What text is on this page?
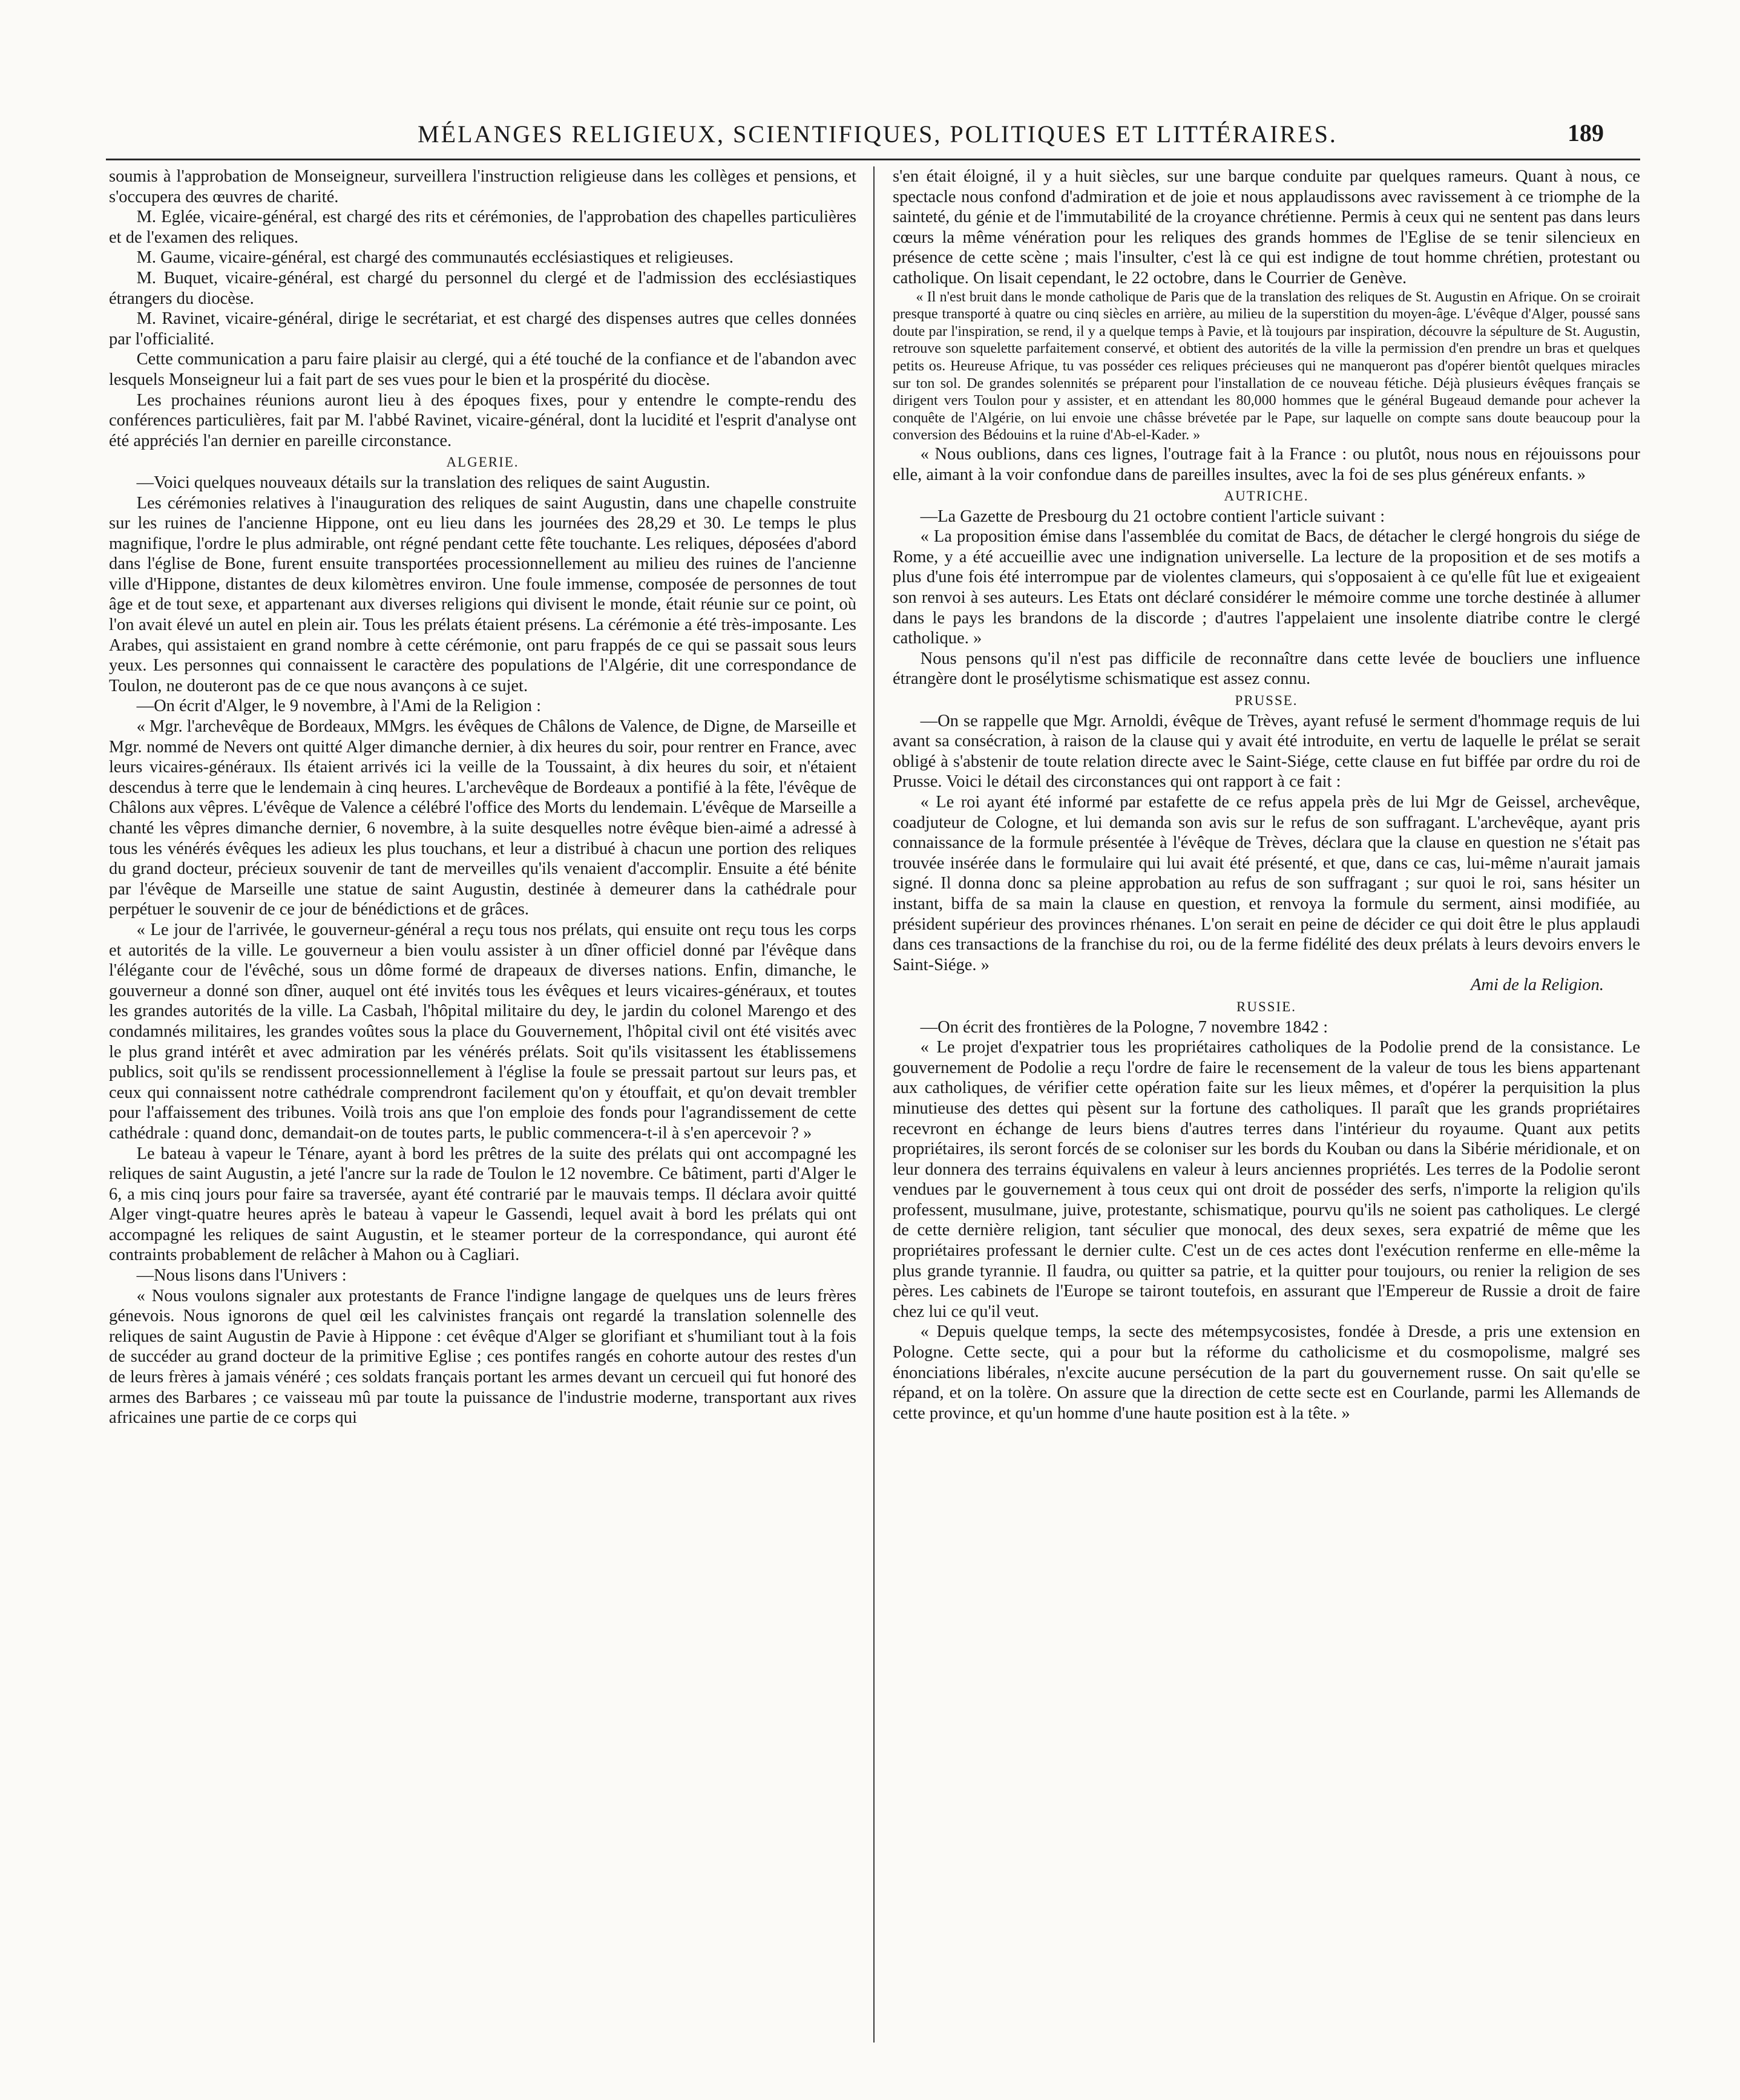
MÉLANGES RELIGIEUX, SCIENTIFIQUES, POLITIQUES ET LITTÉRAIRES.	189

soumis à l'approbation de Monseigneur, surveillera l'instruction religieuse dans les collèges et pensions, et s'occupera des œuvres de charité.

M. Eglée, vicaire-général, est chargé des rits et cérémonies, de l'approbation des chapelles particulières et de l'examen des reliques.

M. Gaume, vicaire-général, est chargé des communautés ecclésiastiques et religieuses.

M. Buquet, vicaire-général, est chargé du personnel du clergé et de l'admission des ecclésiastiques étrangers du diocèse.

M. Ravinet, vicaire-général, dirige le secrétariat, et est chargé des dispenses autres que celles données par l'officialité.

Cette communication a paru faire plaisir au clergé, qui a été touché de la confiance et de l'abandon avec lesquels Monseigneur lui a fait part de ses vues pour le bien et la prospérité du diocèse.

Les prochaines réunions auront lieu à des époques fixes, pour y entendre le compte-rendu des conférences particulières, fait par M. l'abbé Ravinet, vicaire-général, dont la lucidité et l'esprit d'analyse ont été appréciés l'an dernier en pareille circonstance.

ALGERIE.

—Voici quelques nouveaux détails sur la translation des reliques de saint Augustin.

Les cérémonies relatives à l'inauguration des reliques de saint Augustin, dans une chapelle construite sur les ruines de l'ancienne Hippone, ont eu lieu dans les journées des 28,29 et 30. Le temps le plus magnifique, l'ordre le plus admirable, ont régné pendant cette fête touchante. Les reliques, déposées d'abord dans l'église de Bone, furent ensuite transportées processionnellement au milieu des ruines de l'ancienne ville d'Hippone, distantes de deux kilomètres environ. Une foule immense, composée de personnes de tout âge et de tout sexe, et appartenant aux diverses religions qui divisent le monde, était réunie sur ce point, où l'on avait élevé un autel en plein air. Tous les prélats étaient présens. La cérémonie a été très-imposante. Les Arabes, qui assistaient en grand nombre à cette cérémonie, ont paru frappés de ce qui se passait sous leurs yeux. Les personnes qui connaissent le caractère des populations de l'Algérie, dit une correspondance de Toulon, ne douteront pas de ce que nous avançons à ce sujet.

—On écrit d'Alger, le 9 novembre, à l'Ami de la Religion :

« Mgr. l'archevêque de Bordeaux, MMgrs. les évêques de Châlons de Valence, de Digne, de Marseille et Mgr. nommé de Nevers ont quitté Alger dimanche dernier, à dix heures du soir, pour rentrer en France, avec leurs vicaires-généraux. Ils étaient arrivés ici la veille de la Toussaint, à dix heures du soir, et n'étaient descendus à terre que le lendemain à cinq heures. L'archevêque de Bordeaux a pontifié à la fête, l'évêque de Châlons aux vêpres. L'évêque de Valence a célébré l'office des Morts du lendemain. L'évêque de Marseille a chanté les vêpres dimanche dernier, 6 novembre, à la suite desquelles notre évêque bien-aimé a adressé à tous les vénérés évêques les adieux les plus touchans, et leur a distribué à chacun une portion des reliques du grand docteur, précieux souvenir de tant de merveilles qu'ils venaient d'accomplir. Ensuite a été bénite par l'évêque de Marseille une statue de saint Augustin, destinée à demeurer dans la cathédrale pour perpétuer le souvenir de ce jour de bénédictions et de grâces.

« Le jour de l'arrivée, le gouverneur-général a reçu tous nos prélats, qui ensuite ont reçu tous les corps et autorités de la ville. Le gouverneur a bien voulu assister à un dîner officiel donné par l'évêque dans l'élégante cour de l'évêché, sous un dôme formé de drapeaux de diverses nations. Enfin, dimanche, le gouverneur a donné son dîner, auquel ont été invités tous les évêques et leurs vicaires-généraux, et toutes les grandes autorités de la ville. La Casbah, l'hôpital militaire du dey, le jardin du colonel Marengo et des condamnés militaires, les grandes voûtes sous la place du Gouvernement, l'hôpital civil ont été visités avec le plus grand intérêt et avec admiration par les vénérés prélats. Soit qu'ils visitassent les établissemens publics, soit qu'ils se rendissent processionnellement à l'église la foule se pressait partout sur leurs pas, et ceux qui connaissent notre cathédrale comprendront facilement qu'on y étouffait, et qu'on devait trembler pour l'affaissement des tribunes. Voilà trois ans que l'on emploie des fonds pour l'agrandissement de cette cathédrale : quand donc, demandait-on de toutes parts, le public commencera-t-il à s'en apercevoir ? »

Le bateau à vapeur le Ténare, ayant à bord les prêtres de la suite des prélats qui ont accompagné les reliques de saint Augustin, a jeté l'ancre sur la rade de Toulon le 12 novembre. Ce bâtiment, parti d'Alger le 6, a mis cinq jours pour faire sa traversée, ayant été contrarié par le mauvais temps. Il déclara avoir quitté Alger vingt-quatre heures après le bateau à vapeur le Gassendi, lequel avait à bord les prélats qui ont accompagné les reliques de saint Augustin, et le steamer porteur de la correspondance, qui auront été contraints probablement de relâcher à Mahon ou à Cagliari.

—Nous lisons dans l'Univers :

« Nous voulons signaler aux protestants de France l'indigne langage de quelques uns de leurs frères génevois. Nous ignorons de quel œil les calvinistes français ont regardé la translation solennelle des reliques de saint Augustin de Pavie à Hippone : cet évêque d'Alger se glorifiant et s'humiliant tout à la fois de succéder au grand docteur de la primitive Eglise ; ces pontifes rangés en cohorte autour des restes d'un de leurs frères à jamais vénéré ; ces soldats français portant les armes devant un cercueil qui fut honoré des armes des Barbares ; ce vaisseau mû par toute la puissance de l'industrie moderne, transportant aux rives africaines une partie de ce corps qui

s'en était éloigné, il y a huit siècles, sur une barque conduite par quelques rameurs. Quant à nous, ce spectacle nous confond d'admiration et de joie et nous applaudissons avec ravissement à ce triomphe de la sainteté, du génie et de l'immutabilité de la croyance chrétienne. Permis à ceux qui ne sentent pas dans leurs cœurs la même vénération pour les reliques des grands hommes de l'Eglise de se tenir silencieux en présence de cette scène ; mais l'insulter, c'est là ce qui est indigne de tout homme chrétien, protestant ou catholique. On lisait cependant, le 22 octobre, dans le Courrier de Genève.

« Il n'est bruit dans le monde catholique de Paris que de la translation des reliques de St. Augustin en Afrique. On se croirait presque transporté à quatre ou cinq siècles en arrière, au milieu de la superstition du moyen-âge. L'évêque d'Alger, poussé sans doute par l'inspiration, se rend, il y a quelque temps à Pavie, et là toujours par inspiration, découvre la sépulture de St. Augustin, retrouve son squelette parfaitement conservé, et obtient des autorités de la ville la permission d'en prendre un bras et quelques petits os. Heureuse Afrique, tu vas posséder ces reliques précieuses qui ne manqueront pas d'opérer bientôt quelques miracles sur ton sol. De grandes solennités se préparent pour l'installation de ce nouveau fétiche. Déjà plusieurs évêques français se dirigent vers Toulon pour y assister, et en attendant les 80,000 hommes que le général Bugeaud demande pour achever la conquête de l'Algérie, on lui envoie une châsse brévetée par le Pape, sur laquelle on compte sans doute beaucoup pour la conversion des Bédouins et la ruine d'Ab-el-Kader. »

« Nous oublions, dans ces lignes, l'outrage fait à la France : ou plutôt, nous nous en réjouissons pour elle, aimant à la voir confondue dans de pareilles insultes, avec la foi de ses plus généreux enfants. »

AUTRICHE.

—La Gazette de Presbourg du 21 octobre contient l'article suivant :

« La proposition émise dans l'assemblée du comitat de Bacs, de détacher le clergé hongrois du siége de Rome, y a été accueillie avec une indignation universelle. La lecture de la proposition et de ses motifs a plus d'une fois été interrompue par de violentes clameurs, qui s'opposaient à ce qu'elle fût lue et exigeaient son renvoi à ses auteurs. Les Etats ont déclaré considérer le mémoire comme une torche destinée à allumer dans le pays les brandons de la discorde ; d'autres l'appelaient une insolente diatribe contre le clergé catholique. »

Nous pensons qu'il n'est pas difficile de reconnaître dans cette levée de boucliers une influence étrangère dont le prosélytisme schismatique est assez connu.

PRUSSE.

—On se rappelle que Mgr. Arnoldi, évêque de Trèves, ayant refusé le serment d'hommage requis de lui avant sa consécration, à raison de la clause qui y avait été introduite, en vertu de laquelle le prélat se serait obligé à s'abstenir de toute relation directe avec le Saint-Siége, cette clause en fut biffée par ordre du roi de Prusse. Voici le détail des circonstances qui ont rapport à ce fait :

« Le roi ayant été informé par estafette de ce refus appela près de lui Mgr de Geissel, archevêque, coadjuteur de Cologne, et lui demanda son avis sur le refus de son suffragant. L'archevêque, ayant pris connaissance de la formule présentée à l'évêque de Trèves, déclara que la clause en question ne s'était pas trouvée insérée dans le formulaire qui lui avait été présenté, et que, dans ce cas, lui-même n'aurait jamais signé. Il donna donc sa pleine approbation au refus de son suffragant ; sur quoi le roi, sans hésiter un instant, biffa de sa main la clause en question, et renvoya la formule du serment, ainsi modifiée, au président supérieur des provinces rhénanes. L'on serait en peine de décider ce qui doit être le plus applaudi dans ces transactions de la franchise du roi, ou de la ferme fidélité des deux prélats à leurs devoirs envers le Saint-Siége. »

Ami de la Religion.

RUSSIE.

—On écrit des frontières de la Pologne, 7 novembre 1842 :

« Le projet d'expatrier tous les propriétaires catholiques de la Podolie prend de la consistance. Le gouvernement de Podolie a reçu l'ordre de faire le recensement de la valeur de tous les biens appartenant aux catholiques, de vérifier cette opération faite sur les lieux mêmes, et d'opérer la perquisition la plus minutieuse des dettes qui pèsent sur la fortune des catholiques. Il paraît que les grands propriétaires recevront en échange de leurs biens d'autres terres dans l'intérieur du royaume. Quant aux petits propriétaires, ils seront forcés de se coloniser sur les bords du Kouban ou dans la Sibérie méridionale, et on leur donnera des terrains équivalens en valeur à leurs anciennes propriétés. Les terres de la Podolie seront vendues par le gouvernement à tous ceux qui ont droit de posséder des serfs, n'importe la religion qu'ils professent, musulmane, juive, protestante, schismatique, pourvu qu'ils ne soient pas catholiques. Le clergé de cette dernière religion, tant séculier que monocal, des deux sexes, sera expatrié de même que les propriétaires professant le dernier culte. C'est un de ces actes dont l'exécution renferme en elle-même la plus grande tyrannie. Il faudra, ou quitter sa patrie, et la quitter pour toujours, ou renier la religion de ses pères. Les cabinets de l'Europe se tairont toutefois, en assurant que l'Empereur de Russie a droit de faire chez lui ce qu'il veut.

« Depuis quelque temps, la secte des métempsycosistes, fondée à Dresde, a pris une extension en Pologne. Cette secte, qui a pour but la réforme du catholicisme et du cosmopolisme, malgré ses énonciations libérales, n'excite aucune persécution de la part du gouvernement russe. On sait qu'elle se répand, et on la tolère. On assure que la direction de cette secte est en Courlande, parmi les Allemands de cette province, et qu'un homme d'une haute position est à la tête. »
